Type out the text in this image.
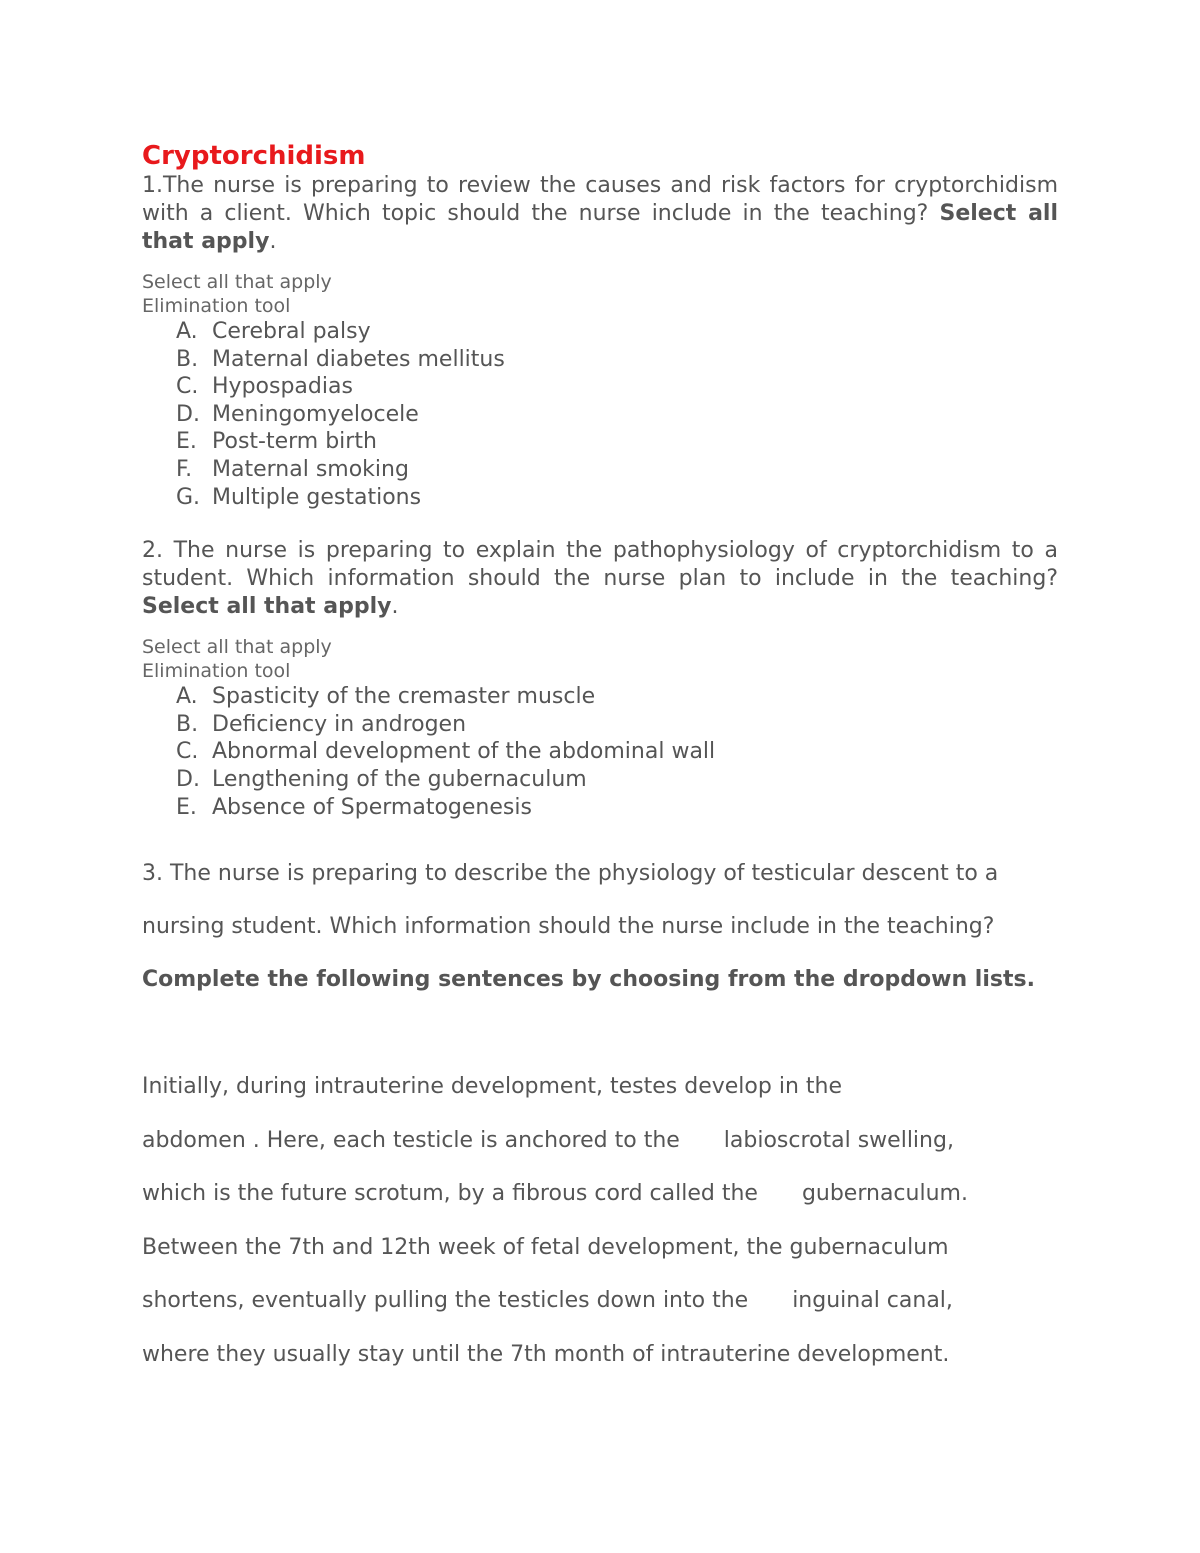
Cryptorchidism

1.The nurse is preparing to review the causes and risk factors for cryptorchidism with a client. Which topic should the nurse include in the teaching? Select all that apply.

Select all that apply

Elimination tool

A. Cerebral palsy
B. Maternal diabetes mellitus
C. Hypospadias
D. Meningomyelocele
E. Post-term birth
F. Maternal smoking
G. Multiple gestations

2. The nurse is preparing to explain the pathophysiology of cryptorchidism to a student. Which information should the nurse plan to include in the teaching? Select all that apply.

Select all that apply

Elimination tool

A. Spasticity of the cremaster muscle
B. Deficiency in androgen
C. Abnormal development of the abdominal wall
D. Lengthening of the gubernaculum
E. Absence of Spermatogenesis

3. The nurse is preparing to describe the physiology of testicular descent to a nursing student. Which information should the nurse include in the teaching? Complete the following sentences by choosing from the dropdown lists.

Initially, during intrauterine development, testes develop in the
abdomen . Here, each testicle is anchored to the labioscrotal swelling,
which is the future scrotum, by a fibrous cord called the gubernaculum.
Between the 7th and 12th week of fetal development, the gubernaculum
shortens, eventually pulling the testicles down into the inguinal canal,
where they usually stay until the 7th month of intrauterine development.
